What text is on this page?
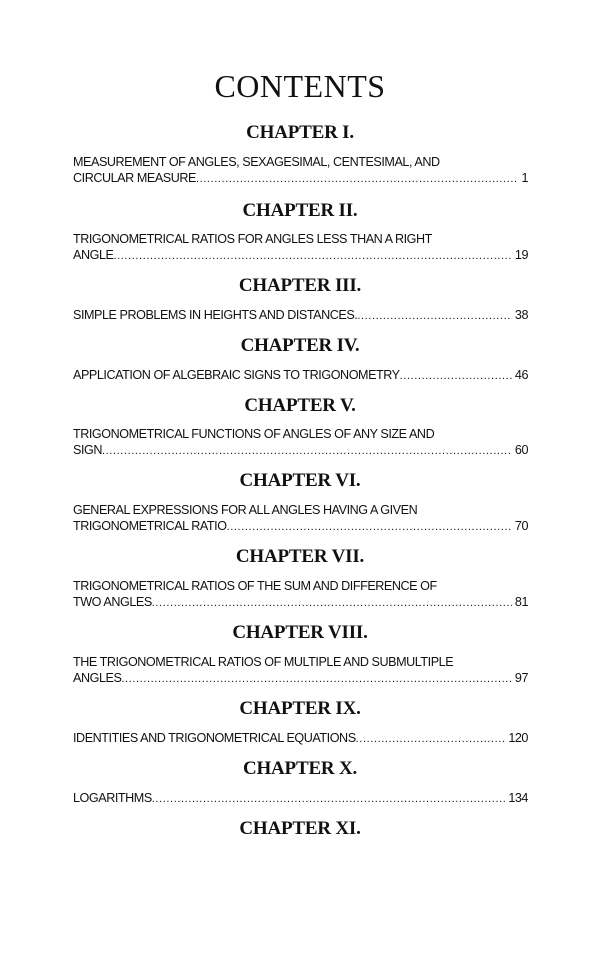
CONTENTS
CHAPTER I.
MEASUREMENT OF ANGLES, SEXAGESIMAL, CENTESIMAL, AND
CIRCULAR MEASURE .....	1
CHAPTER II.
TRIGONOMETRICAL RATIOS FOR ANGLES LESS THAN A RIGHT
ANGLE .....	19
CHAPTER III.
SIMPLE PROBLEMS IN HEIGHTS AND DISTANCES. .....	38
CHAPTER IV.
APPLICATION OF ALGEBRAIC SIGNS TO TRIGONOMETRY .....	46
CHAPTER V.
TRIGONOMETRICAL FUNCTIONS OF ANGLES OF ANY SIZE AND
SIGN .....	60
CHAPTER VI.
GENERAL EXPRESSIONS FOR ALL ANGLES HAVING A GIVEN
TRIGONOMETRICAL RATIO .....	70
CHAPTER VII.
TRIGONOMETRICAL RATIOS OF THE SUM AND DIFFERENCE OF
TWO ANGLES .....	81
CHAPTER VIII.
THE TRIGONOMETRICAL RATIOS OF MULTIPLE AND SUBMULTIPLE
ANGLES .....	97
CHAPTER IX.
IDENTITIES AND TRIGONOMETRICAL EQUATIONS .....	120
CHAPTER X.
LOGARITHMS .....	134
CHAPTER XI.
